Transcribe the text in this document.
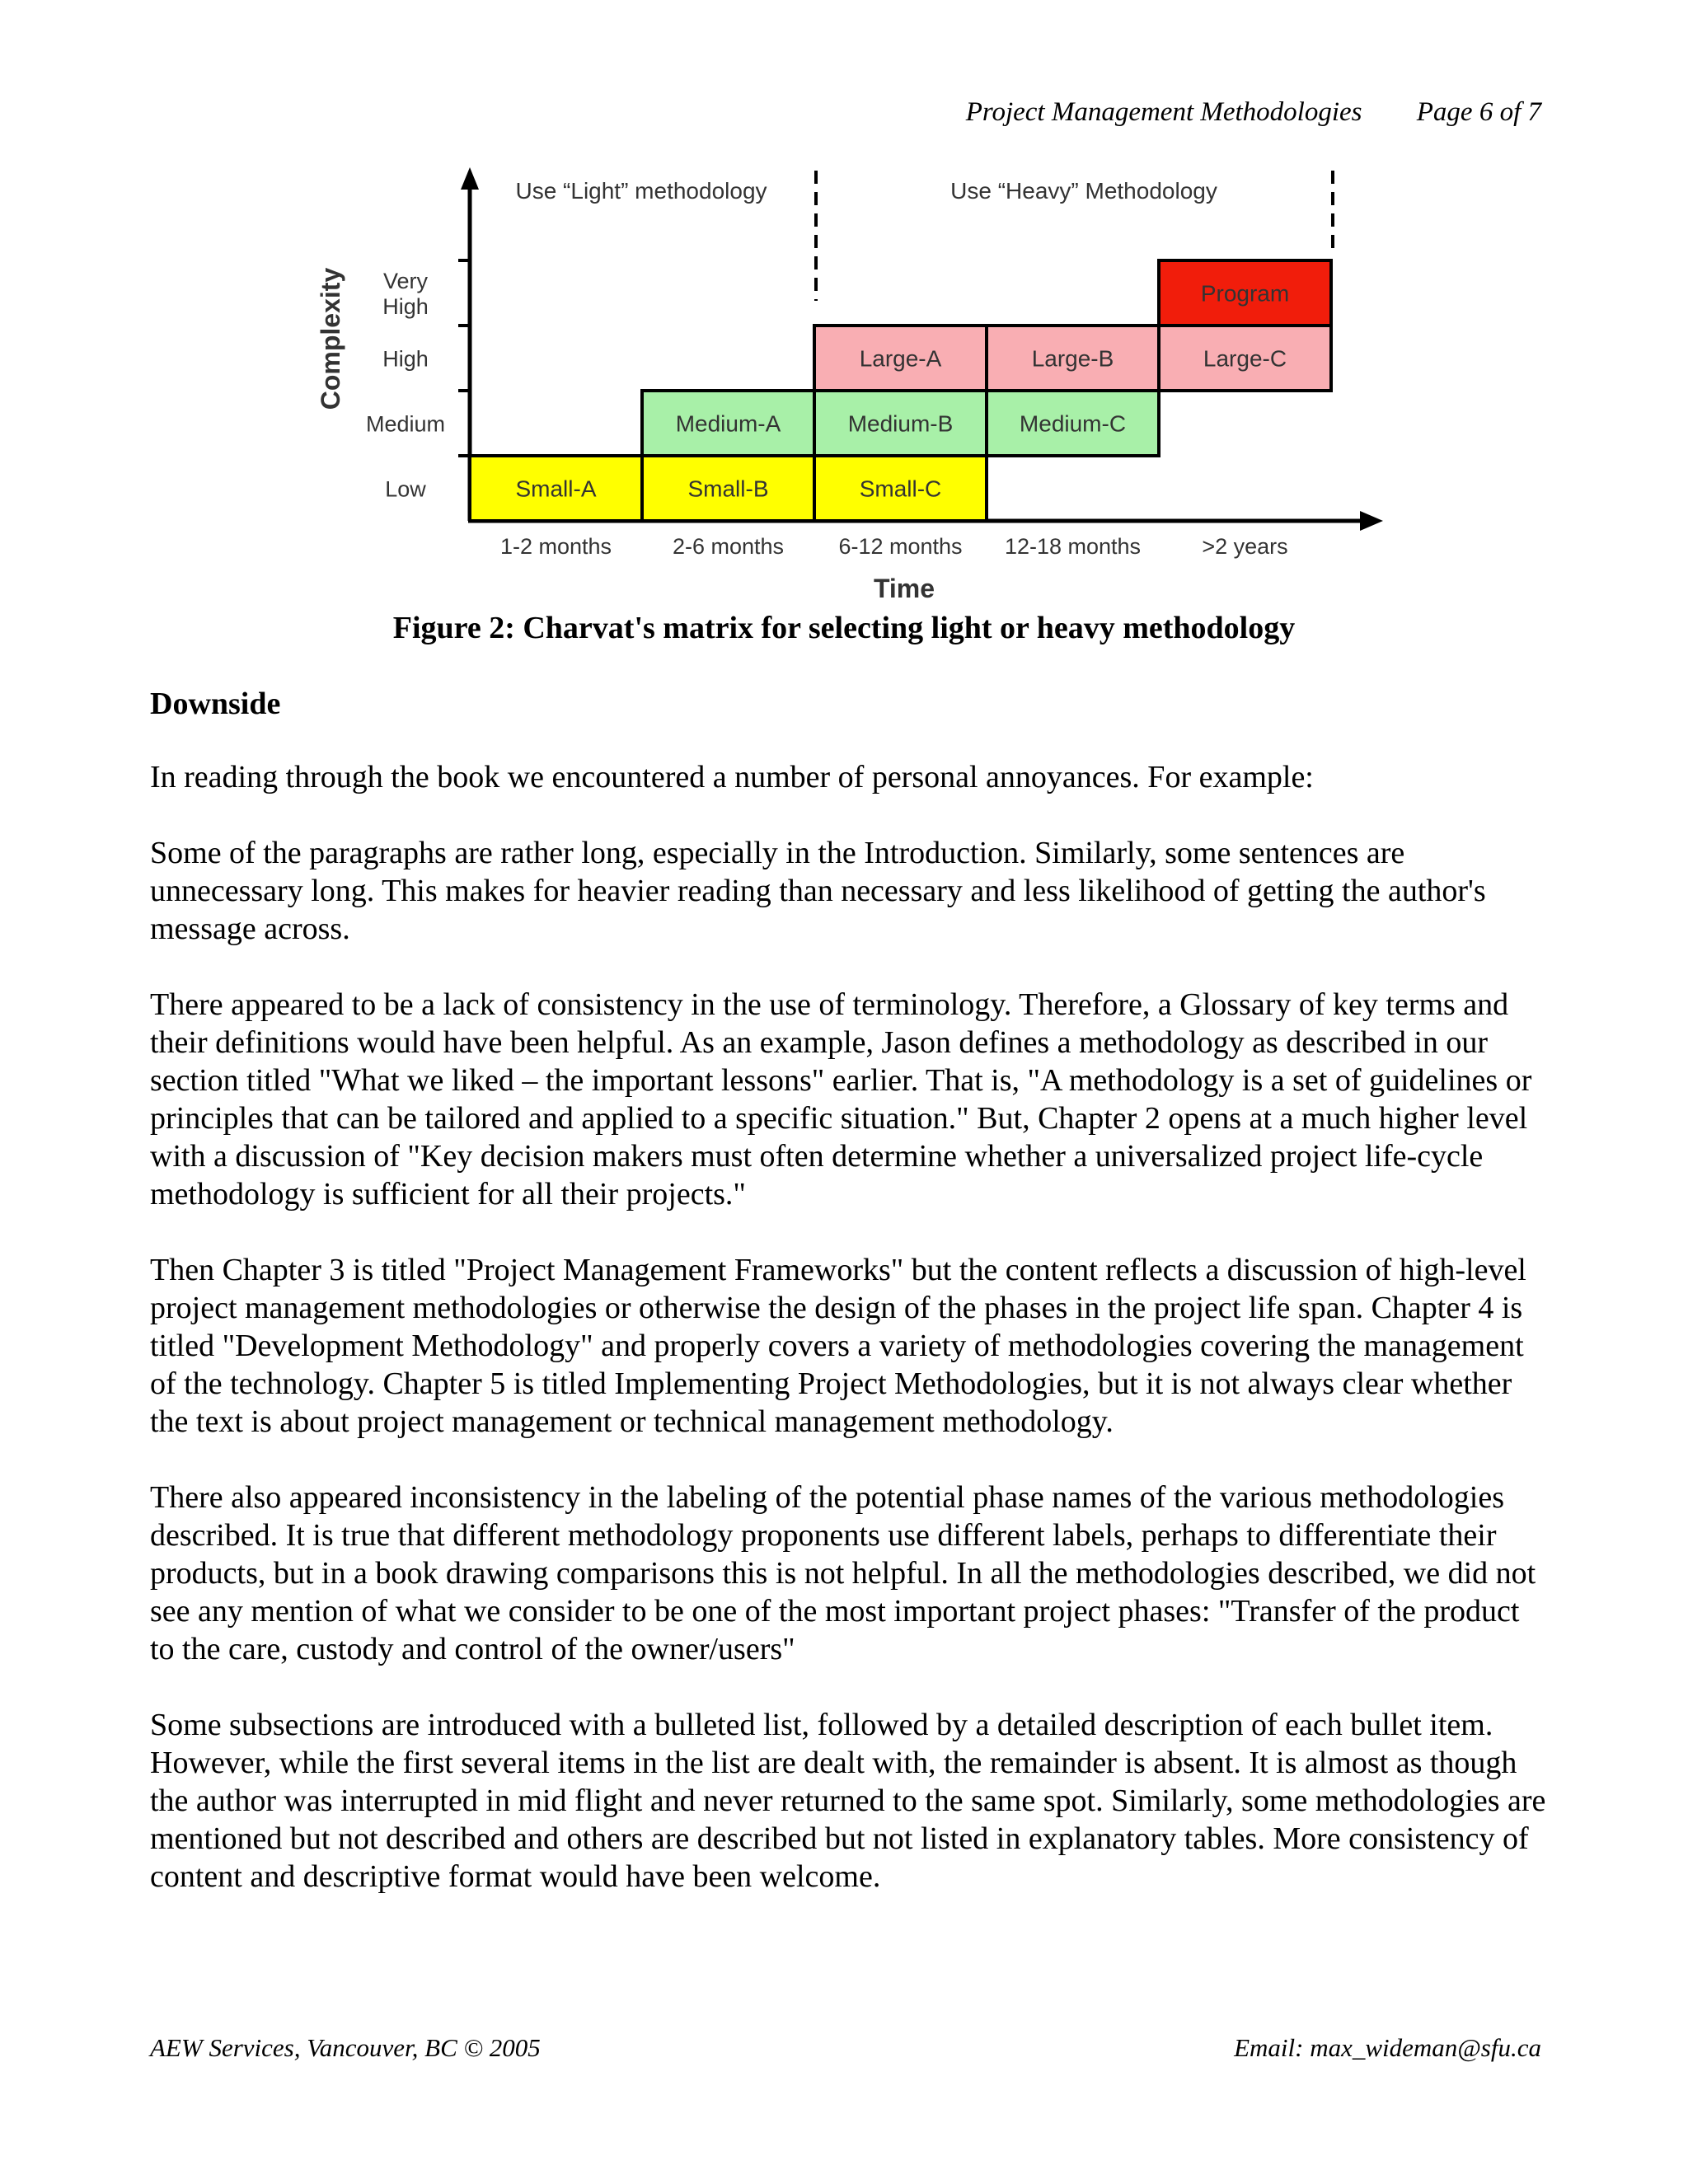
Project Management Methodologies Page 6 of 7
Use “Light” methodology	Use “Heavy” Methodology
Complexity
Time
Small-A	Small-B	Small-C
Medium-A	Medium-B	Medium-C
Large-A	Large-B	Large-C
Program
1-2 months	2-6 months 6-12 months 12-18 months	>2 years
Low
Medium
High
Very High
Figure 2: Charvat's matrix for selecting light or heavy methodology
Downside

In reading through the book we encountered a number of personal annoyances. For example:

Some of the paragraphs are rather long, especially in the Introduction. Similarly, some sentences are unnecessary long. This makes for heavier reading than necessary and less likelihood of getting the author's message across.

There appeared to be a lack of consistency in the use of terminology. Therefore, a Glossary of key terms and their definitions would have been helpful. As an example, Jason defines a methodology as described in our section titled "What we liked – the important lessons" earlier. That is, "A methodology is a set of guidelines or principles that can be tailored and applied to a specific situation." But, Chapter 2 opens at a much higher level with a discussion of "Key decision makers must often determine whether a universalized project life-cycle methodology is sufficient for all their projects."

Then Chapter 3 is titled "Project Management Frameworks" but the content reflects a discussion of high-level project management methodologies or otherwise the design of the phases in the project life span. Chapter 4 is titled "Development Methodology" and properly covers a variety of methodologies covering the management of the technology. Chapter 5 is titled Implementing Project Methodologies, but it is not always clear whether the text is about project management or technical management methodology.

There also appeared inconsistency in the labeling of the potential phase names of the various methodologies described. It is true that different methodology proponents use different labels, perhaps to differentiate their products, but in a book drawing comparisons this is not helpful. In all the methodologies described, we did not see any mention of what we consider to be one of the most important project phases: "Transfer of the product to the care, custody and control of the owner/users"

Some subsections are introduced with a bulleted list, followed by a detailed description of each bullet item. However, while the first several items in the list are dealt with, the remainder is absent. It is almost as though the author was interrupted in mid flight and never returned to the same spot. Similarly, some methodologies are mentioned but not described and others are described but not listed in explanatory tables. More consistency of content and descriptive format would have been welcome.

AEW Services, Vancouver, BC © 2005	Email: max_wideman@sfu.ca
